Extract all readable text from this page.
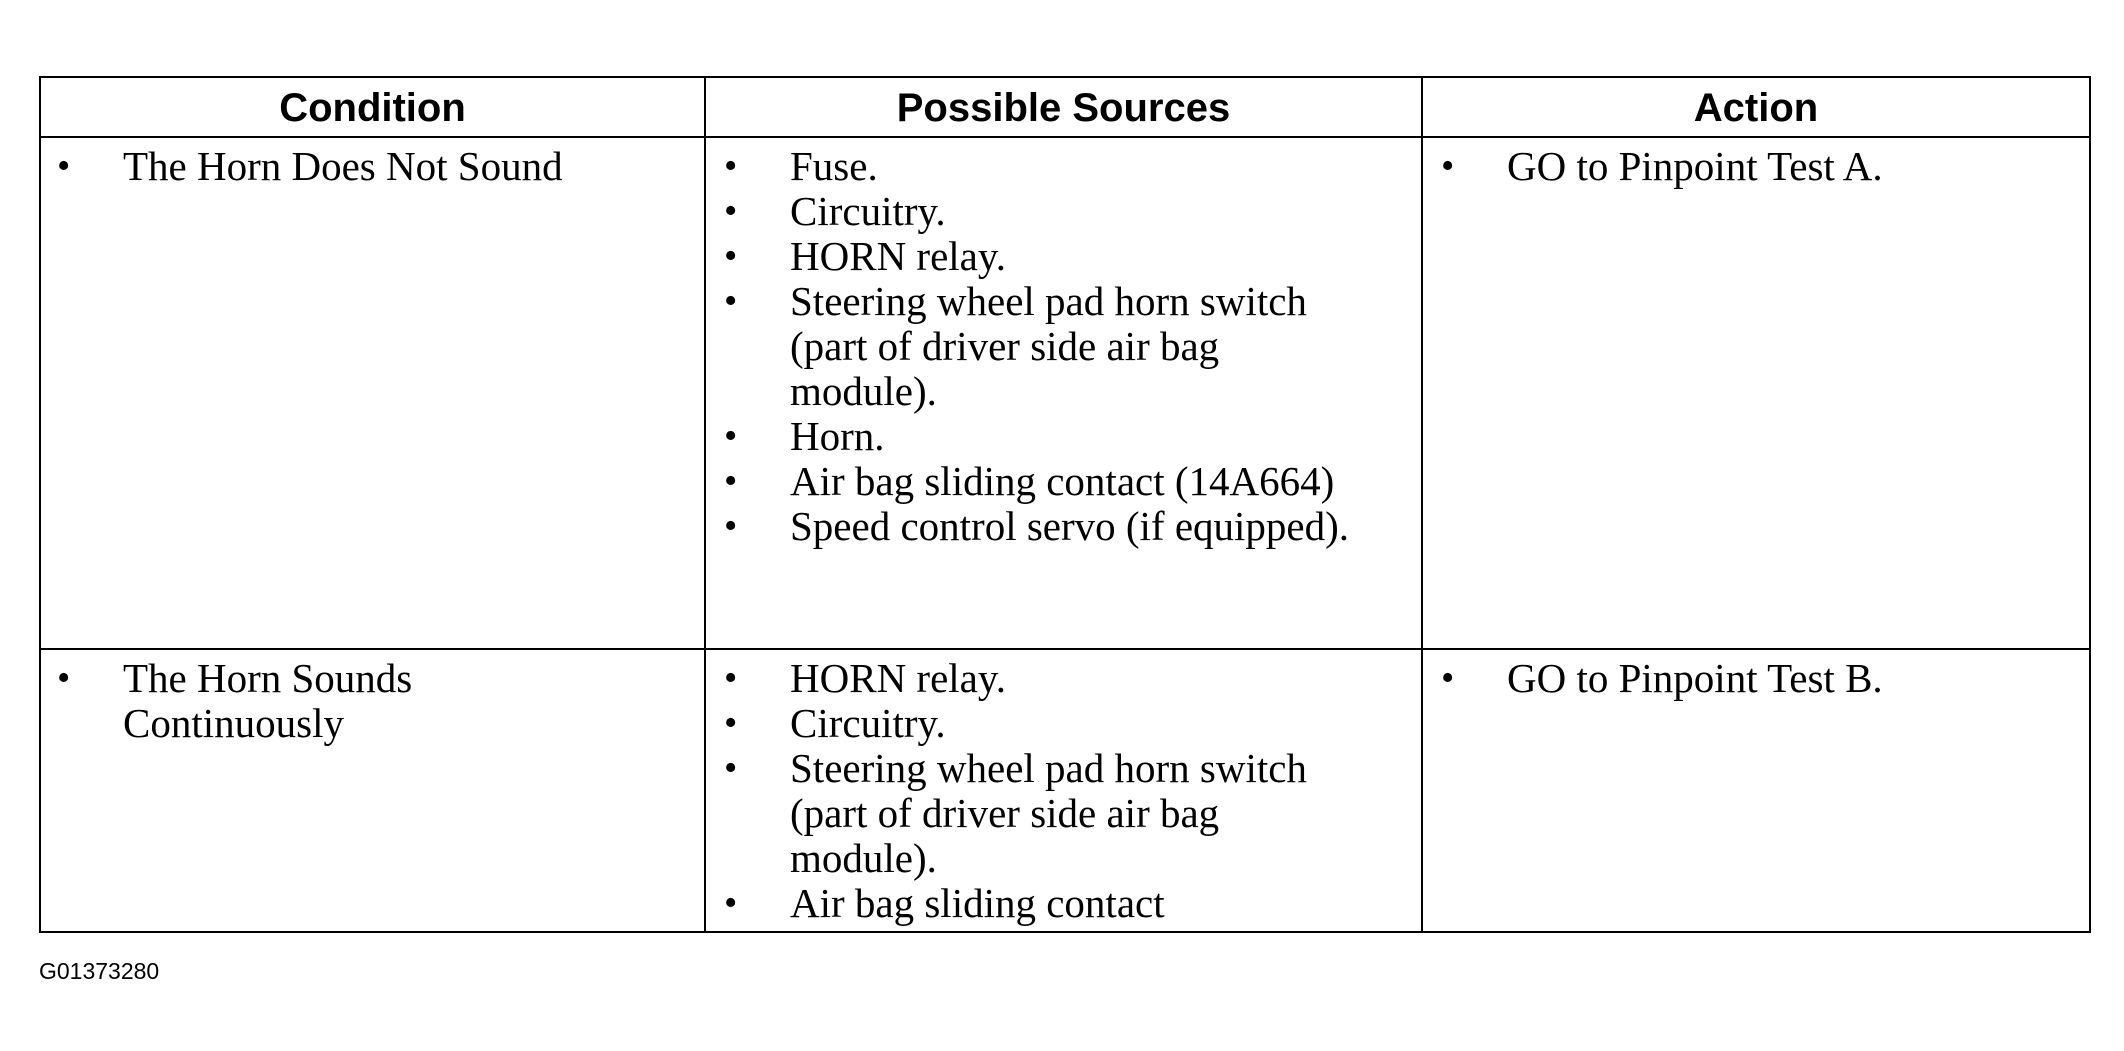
Condition	Possible Sources	Action
• The Horn Does Not Sound
•	Fuse.
• Circuitry.
• HORN relay.
• Steering wheel pad horn switch (part of driver side air bag module).
• Horn.
• Air bag sliding contact (14A664)
• Speed control servo (if equipped).
• GO to Pinpoint Test A.
• The Horn Sounds Continuously
• HORN relay.
• Circuitry.
• Steering wheel pad horn switch (part of driver side air bag module).
• Air bag sliding contact
• GO to Pinpoint Test B.
G01373280
